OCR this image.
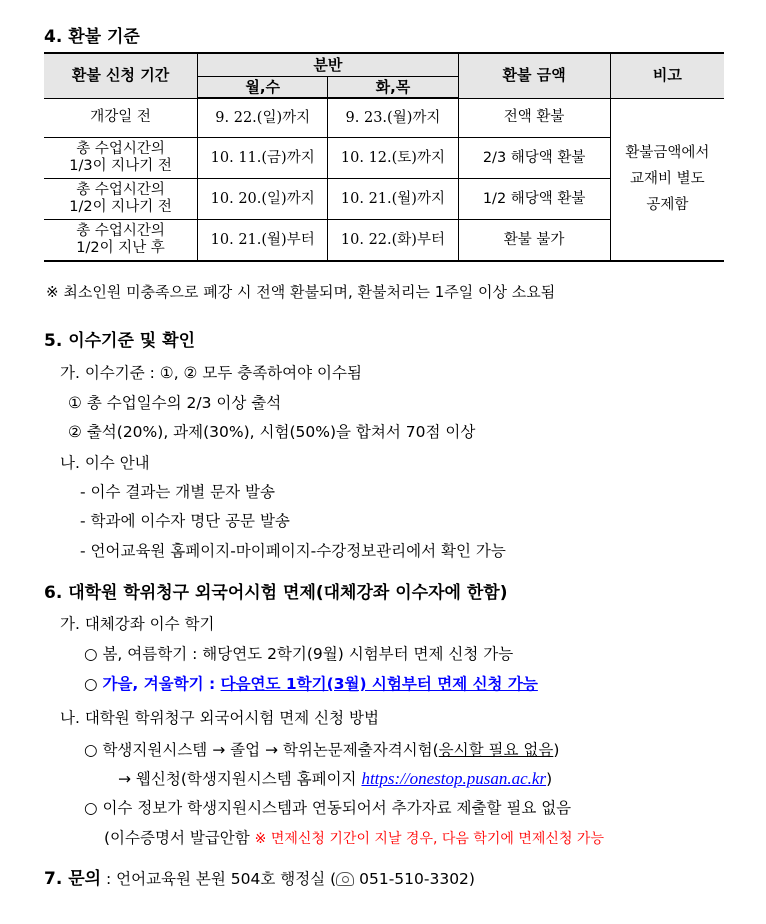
4. 환불 기준
환불 신청 기간	분반		환불 금액	비고
	월,수	화,목		
개강일 전	9. 22.(일)까지	9. 23.(월)까지	전액 환불	환불금액에서
교재비 별도
공제함

총 수업시간의
1/3이 지나기 전	10. 11.(금)까지	10. 12.(토)까지	2/3 해당액 환불	

총 수업시간의
1/2이 지나기 전	10. 20.(일)까지	10. 21.(월)까지	1/2 해당액 환불	

총 수업시간의
1/2이 지난 후	10. 21.(월)부터	10. 22.(화)부터	환불 불가	
※ 최소인원 미충족으로 폐강 시 전액 환불되며, 환불처리는 1주일 이상 소요됨
5. 이수기준 및 확인
가. 이수기준 : ①, ② 모두 충족하여야 이수됨
① 총 수업일수의 2/3 이상 출석
② 출석(20%), 과제(30%), 시험(50%)을 합쳐서 70점 이상
나. 이수 안내
- 이수 결과는 개별 문자 발송
- 학과에 이수자 명단 공문 발송
- 언어교육원 홈페이지-마이페이지-수강정보관리에서 확인 가능
6. 대학원 학위청구 외국어시험 면제(대체강좌 이수자에 한함)
가. 대체강좌 이수 학기
○ 봄, 여름학기 : 해당연도 2학기(9월) 시험부터 면제 신청 가능
○ 가을, 겨울학기 : 다음연도 1학기(3월) 시험부터 면제 신청 가능
나. 대학원 학위청구 외국어시험 면제 신청 방법
○ 학생지원시스템 → 졸업 → 학위논문제출자격시험(응시할 필요 없음)
→ 웹신청(학생지원시스템 홈페이지 https://onestop.pusan.ac.kr)
○ 이수 정보가 학생지원시스템과 연동되어서 추가자료 제출할 필요 없음
(이수증명서 발급안함 ※ 면제신청 기간이 지날 경우, 다음 학기에 면제신청 가능
7. 문의 : 언어교육원 본원 504호 행정실 ( 051-510-3302)
